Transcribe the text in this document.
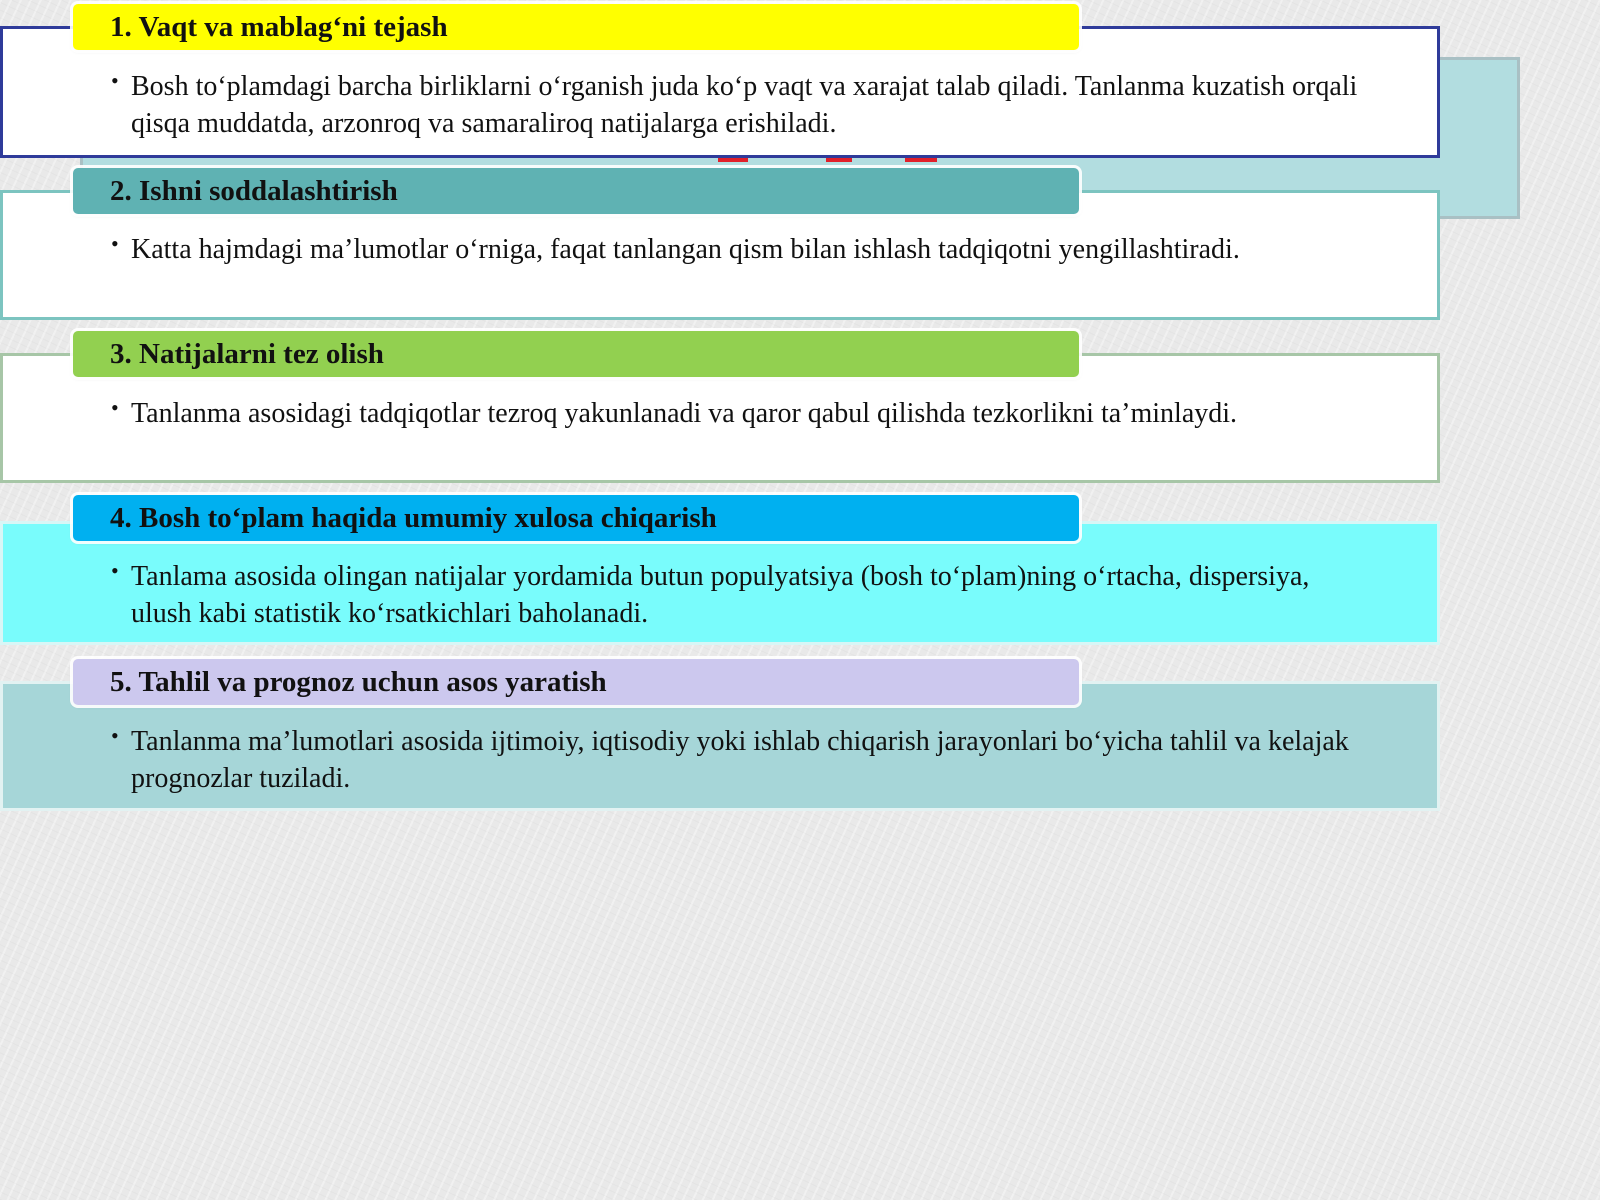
1. Vaqt va mablag‘ni tejash
• Bosh to‘plamdagi barcha birliklarni o‘rganish juda ko‘p vaqt va xarajat talab qiladi. Tanlanma kuzatish orqali qisqa muddatda, arzonroq va samaraliroq natijalarga erishiladi.
2. Ishni soddalashtirish
• Katta hajmdagi ma’lumotlar o‘rniga, faqat tanlangan qism bilan ishlash tadqiqotni yengillashtiradi.
3. Natijalarni tez olish
• Tanlanma asosidagi tadqiqotlar tezroq yakunlanadi va qaror qabul qilishda tezkorlikni ta’minlaydi.
4. Bosh to‘plam haqida umumiy xulosa chiqarish
• Tanlama asosida olingan natijalar yordamida butun populyatsiya (bosh to‘plam)ning o‘rtacha, dispersiya, ulush kabi statistik ko‘rsatkichlari baholanadi.
5. Tahlil va prognoz uchun asos yaratish
• Tanlanma ma’lumotlari asosida ijtimoiy, iqtisodiy yoki ishlab chiqarish jarayonlari bo‘yicha tahlil va kelajak prognozlar tuziladi.
